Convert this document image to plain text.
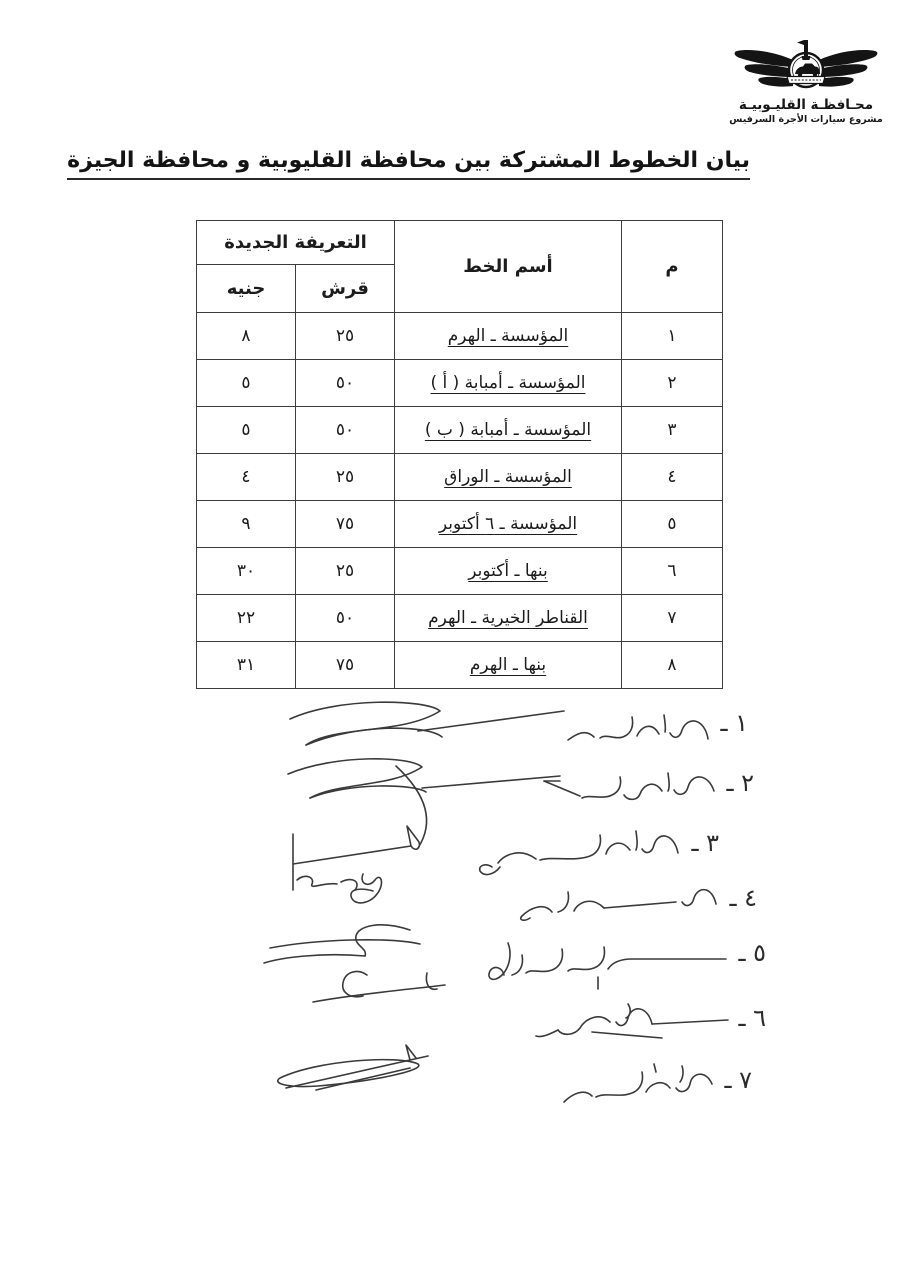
محـافظـة القليـوبيـة
مشروع سيارات الأجرة السرفيس
بيان الخطوط المشتركة بين محافظة القليوبية و محافظة الجيزة
م	أسم الخط	التعريفة الجديدة	
		قرش	جنيه
١	المؤسسة ـ الهرم	٢٥	٨
٢	المؤسسة ـ أمبابة ( أ )	٥٠	٥
٣	المؤسسة ـ أمبابة ( ب )	٥٠	٥
٤	المؤسسة ـ الوراق	٢٥	٤
٥	المؤسسة ـ ٦ أكتوبر	٧٥	٩
٦	بنها ـ أكتوبر	٢٥	٣٠
٧	القناطر الخيرية ـ الهرم	٥٠	٢٢
٨	بنها ـ الهرم	٧٥	٣١
١ ـ
٢ ـ
٣ ـ
٤ ـ
٥ ـ
٦ ـ
٧ ـ
